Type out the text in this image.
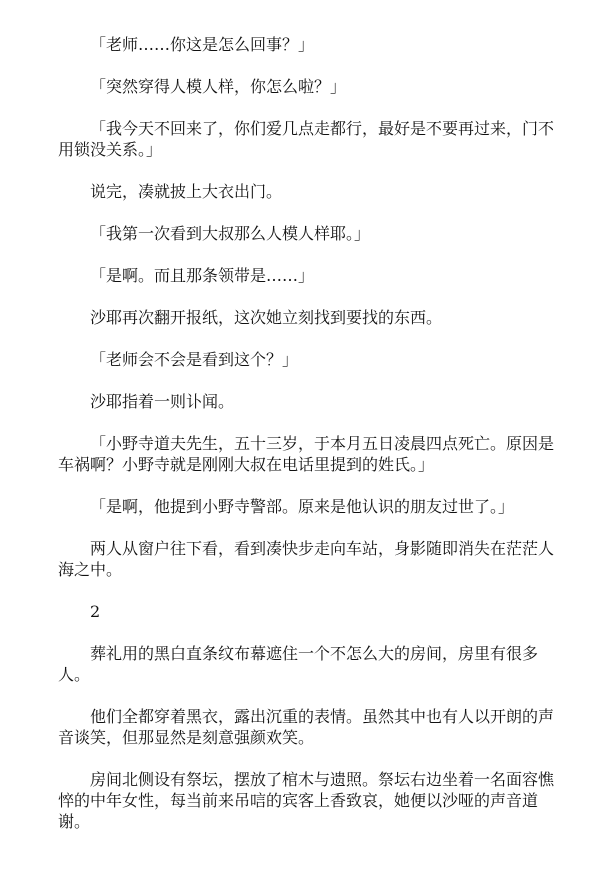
「老师……你这是怎么回事？」

「突然穿得人模人样，你怎么啦？」

「我今天不回来了，你们爱几点走都行，最好是不要再过来，门不用锁没关系。」

说完，凑就披上大衣出门。

「我第一次看到大叔那么人模人样耶。」

「是啊。而且那条领带是……」

沙耶再次翻开报纸，这次她立刻找到要找的东西。

「老师会不会是看到这个？」

沙耶指着一则讣闻。

「小野寺道夫先生，五十三岁，于本月五日凌晨四点死亡。原因是车祸啊？小野寺就是刚刚大叔在电话里提到的姓氏。」

「是啊，他提到小野寺警部。原来是他认识的朋友过世了。」

两人从窗户往下看，看到凑快步走向车站，身影随即消失在茫茫人海之中。

2

葬礼用的黑白直条纹布幕遮住一个不怎么大的房间，房里有很多人。

他们全都穿着黑衣，露出沉重的表情。虽然其中也有人以开朗的声音谈笑，但那显然是刻意强颜欢笑。

房间北侧设有祭坛，摆放了棺木与遗照。祭坛右边坐着一名面容憔悴的中年女性，每当前来吊唁的宾客上香致哀，她便以沙哑的声音道谢。
